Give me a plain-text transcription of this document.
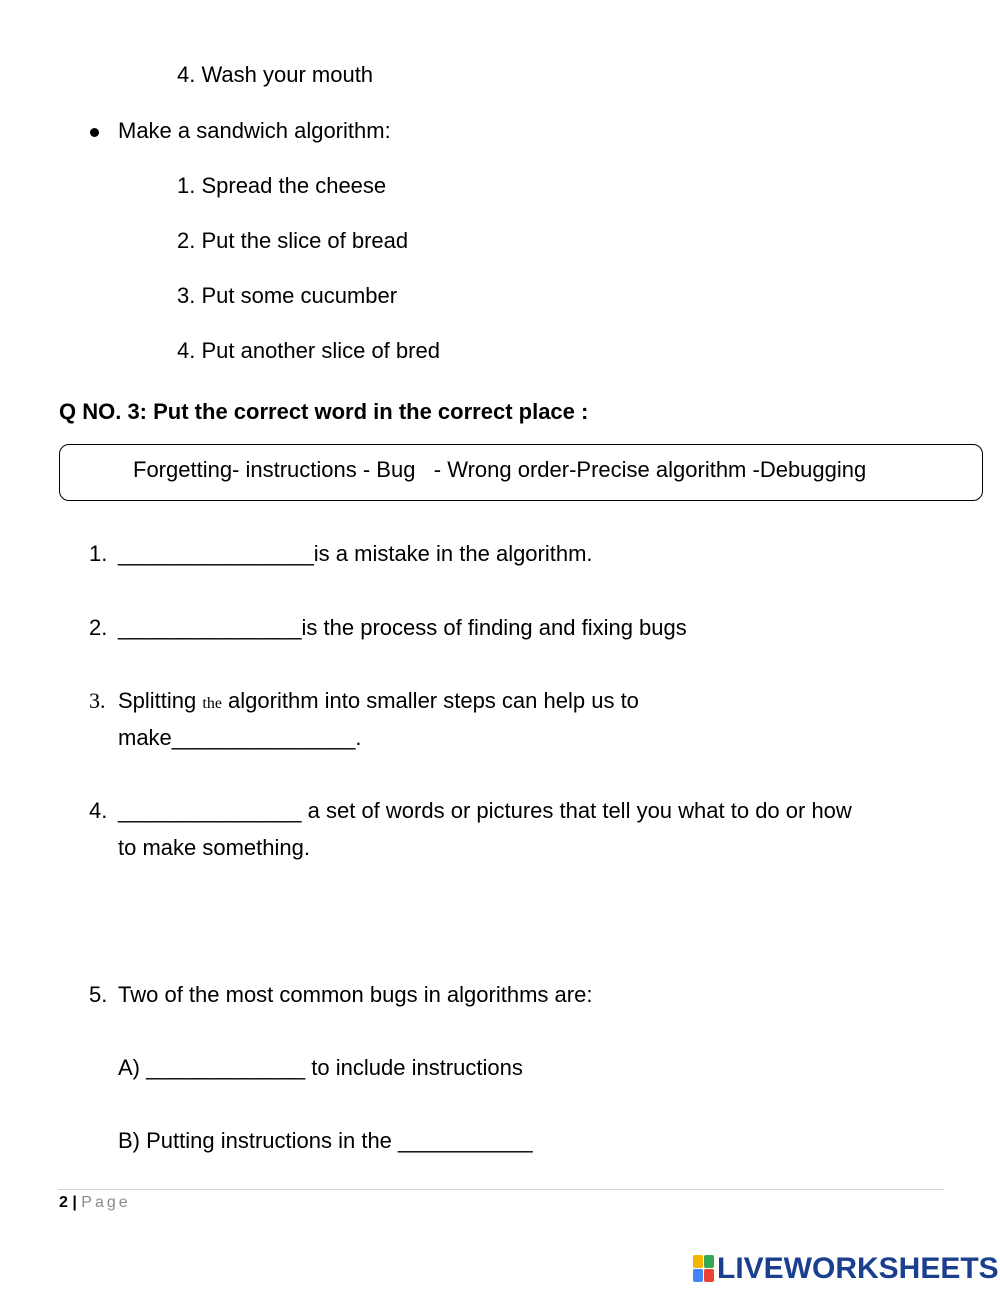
4. Wash your mouth
Make a sandwich algorithm:
1. Spread the cheese
2. Put the slice of bread
3. Put some cucumber
4. Put another slice of bred
Q NO. 3: Put the correct word in the correct place :
Forgetting- instructions - Bug   - Wrong order-Precise algorithm -Debugging
1. ________________is a mistake in the algorithm.
2. _______________is the process of finding and fixing bugs
3. Splitting the algorithm into smaller steps can help us to
make_______________.
4. _______________ a set of words or pictures that tell you what to do or how
to make something.
5. Two of the most common bugs in algorithms are:
A) _____________ to include instructions
B) Putting instructions in the ___________
2 | Page
LIVEWORKSHEETS
